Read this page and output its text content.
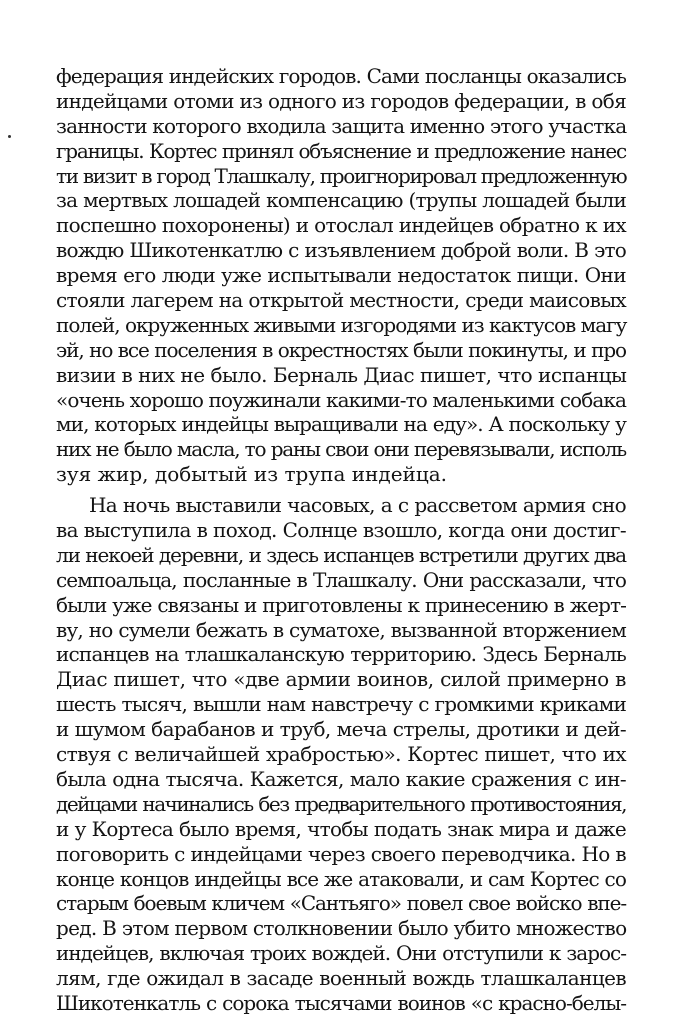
федерация индейских городов. Сами посланцы оказались
индейцами отоми из одного из городов федерации, в обя
занности которого входила защита именно этого участка
границы. Кортес принял объяснение и предложение нанес
ти визит в город Тлашкалу, проигнорировал предложенную
за мертвых лошадей компенсацию (трупы лошадей были
поспешно похоронены) и отослал индейцев обратно к их
вождю Шикотенкатлю с изъявлением доброй воли. В это
время его люди уже испытывали недостаток пищи. Они
стояли лагерем на открытой местности, среди маисовых
полей, окруженных живыми изгородями из кактусов магу
эй, но все поселения в окрестностях были покинуты, и про
визии в них не было. Берналь Диас пишет, что испанцы
«очень хорошо поужинали какими-то маленькими собака
ми, которых индейцы выращивали на еду». А поскольку у
них не было масла, то раны свои они перевязывали, исполь
зуя жир, добытый из трупа индейца.
На ночь выставили часовых, а с рассветом армия сно
ва выступила в поход. Солнце взошло, когда они достиг-
ли некоей деревни, и здесь испанцев встретили других два
семпоальца, посланные в Тлашкалу. Они рассказали, что
были уже связаны и приготовлены к принесению в жерт-
ву, но сумели бежать в суматохе, вызванной вторжением
испанцев на тлашкаланскую территорию. Здесь Берналь
Диас пишет, что «две армии воинов, силой примерно в
шесть тысяч, вышли нам навстречу с громкими криками
и шумом барабанов и труб, меча стрелы, дротики и дей-
ствуя с величайшей храбростью». Кортес пишет, что их
была одна тысяча. Кажется, мало какие сражения с ин-
дейцами начинались без предварительного противостояния,
и у Кортеса было время, чтобы подать знак мира и даже
поговорить с индейцами через своего переводчика. Но в
конце концов индейцы все же атаковали, и сам Кортес со
старым боевым кличем «Сантьяго» повел свое войско впе-
ред. В этом первом столкновении было убито множество
индейцев, включая троих вождей. Они отступили к зарос-
лям, где ожидал в засаде военный вождь тлашкаланцев
Шикотенкатль с сорока тысячами воинов «с красно-белы-
